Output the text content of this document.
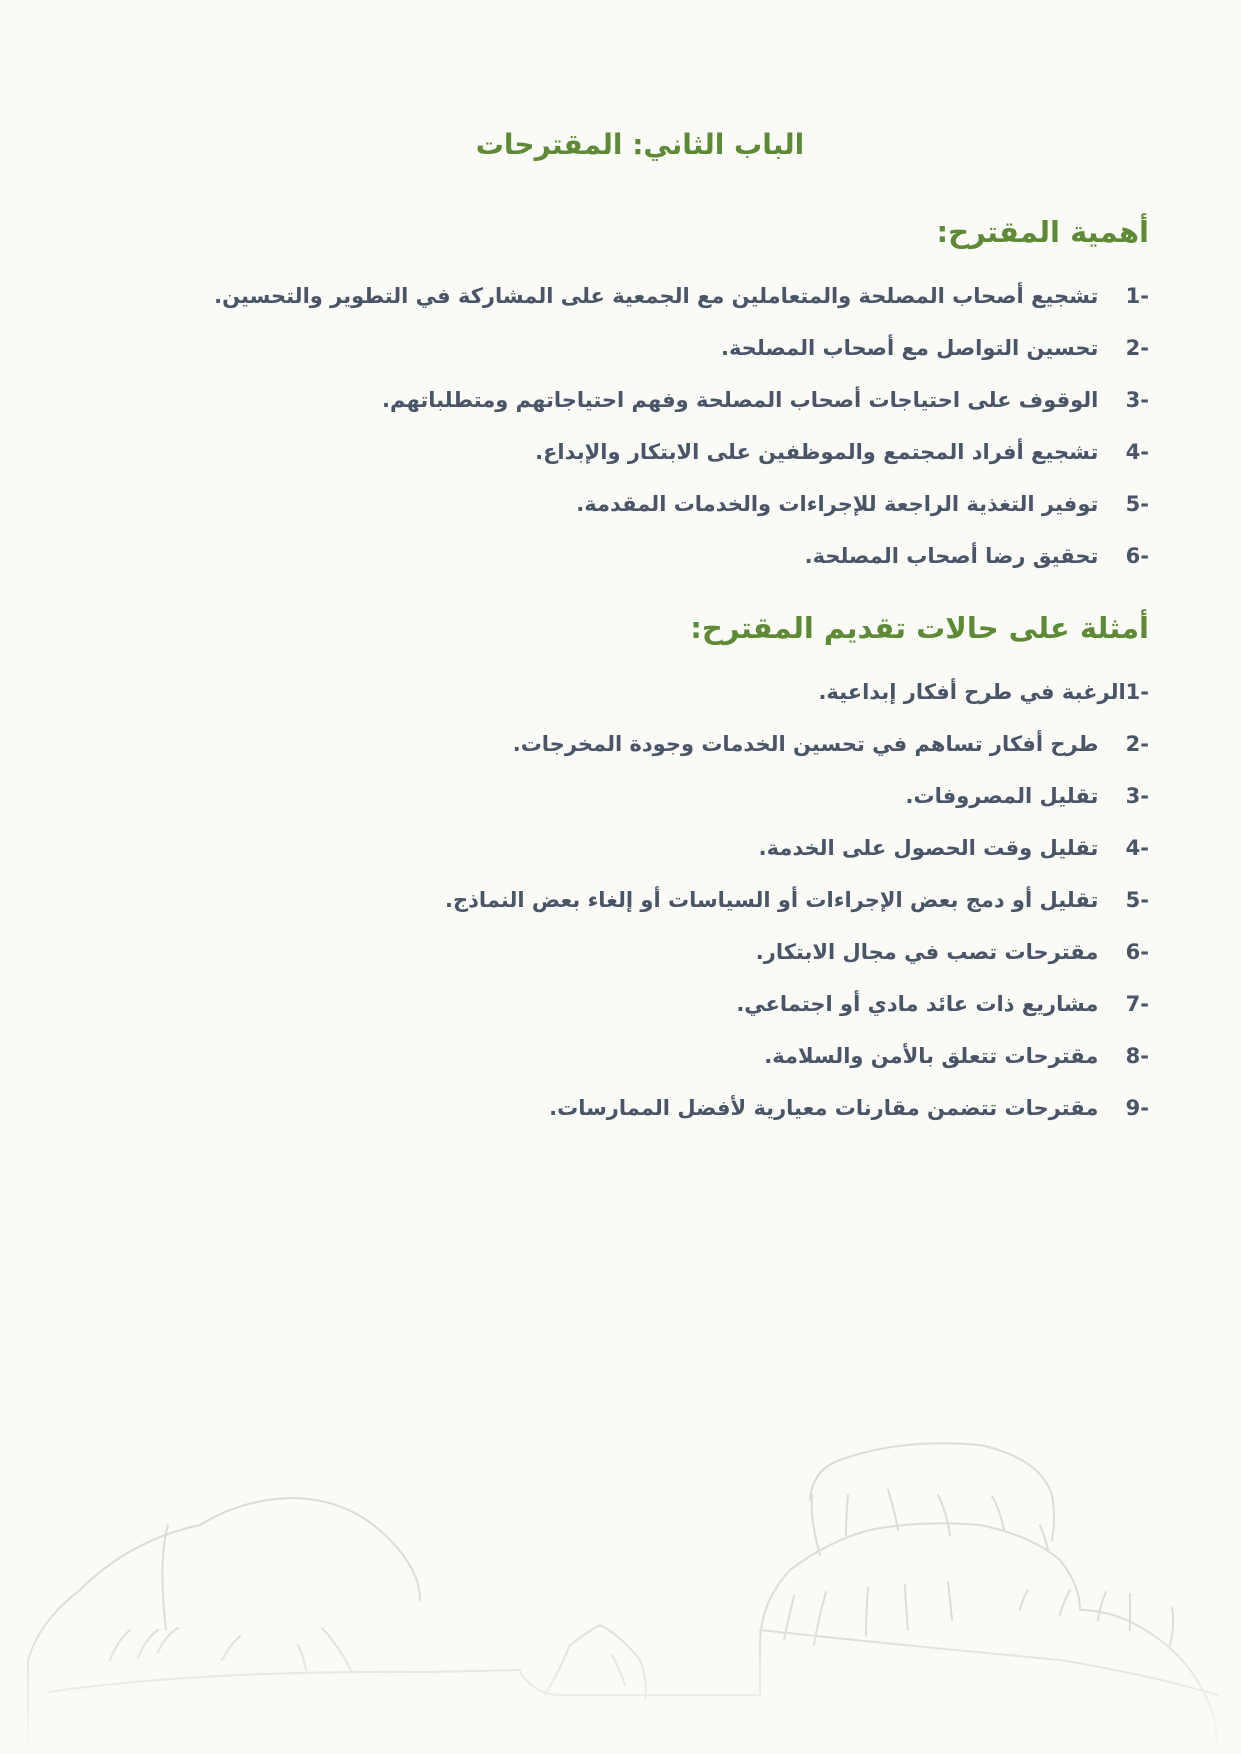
الباب الثاني: المقترحات
أهمية المقترح:
-1  تشجيع أصحاب المصلحة والمتعاملين مع الجمعية على المشاركة في التطوير والتحسين.
-2  تحسين التواصل مع أصحاب المصلحة.
-3  الوقوف على احتياجات أصحاب المصلحة وفهم احتياجاتهم ومتطلباتهم.
-4  تشجيع أفراد المجتمع والموظفين على الابتكار والإبداع.
-5  توفير التغذية الراجعة للإجراءات والخدمات المقدمة.
-6  تحقيق رضا أصحاب المصلحة.
أمثلة على حالات تقديم المقترح:
-1الرغبة في طرح أفكار إبداعية.
-2  طرح أفكار تساهم في تحسين الخدمات وجودة المخرجات.
-3  تقليل المصروفات.
-4  تقليل وقت الحصول على الخدمة.
-5  تقليل أو دمج بعض الإجراءات أو السياسات أو إلغاء بعض النماذج.
-6  مقترحات تصب في مجال الابتكار.
-7  مشاريع ذات عائد مادي أو اجتماعي.
-8  مقترحات تتعلق بالأمن والسلامة.
-9  مقترحات تتضمن مقارنات معيارية لأفضل الممارسات.
